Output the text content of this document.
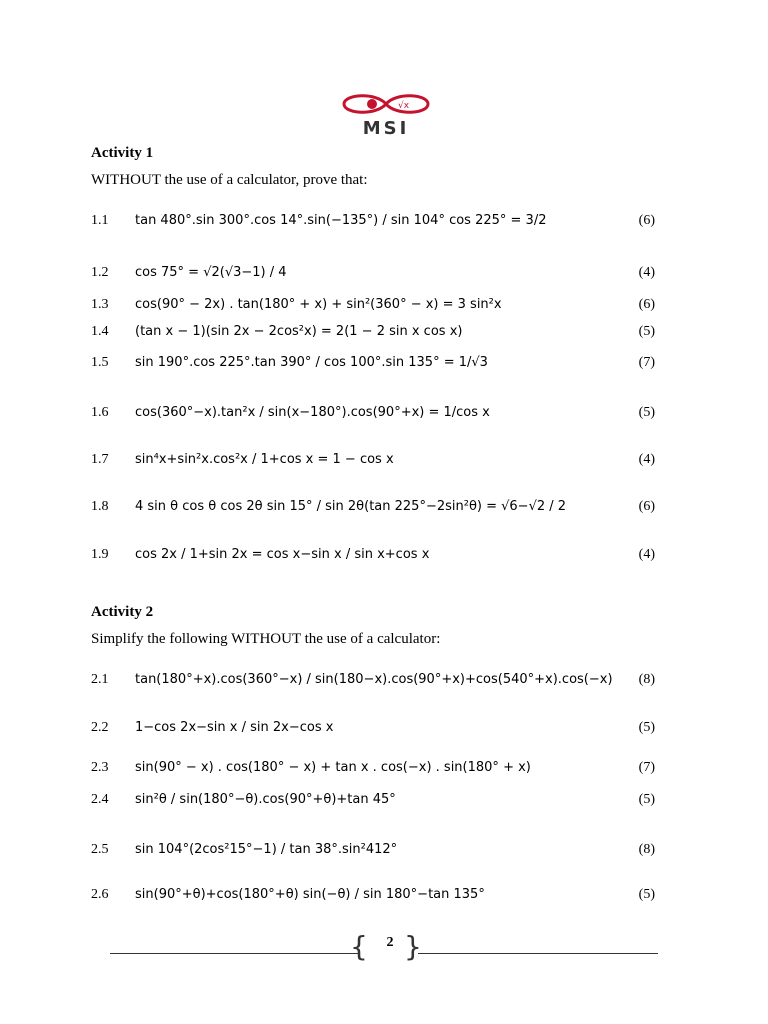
√x
MSI
Activity 1
WITHOUT the use of a calculator, prove that:
1.1 tan 480°.sin 300°.cos 14°.sin(−135°) / sin 104° cos 225° = 3/2	(6)
1.2 cos 75° = √2(√3−1) / 4	(4)
1.3 cos(90° − 2x) . tan(180° + x) + sin²(360° − x) = 3 sin²x	(6)
1.4 (tan x − 1)(sin 2x − 2cos²x) = 2(1 − 2 sin x cos x)	(5)
1.5 sin 190°.cos 225°.tan 390° / cos 100°.sin 135° = 1/√3	(7)
1.6 cos(360°−x).tan²x / sin(x−180°).cos(90°+x) = 1/cos x	(5)
1.7 sin⁴x+sin²x.cos²x / 1+cos x = 1 − cos x	(4)
1.8 4 sin θ cos θ cos 2θ sin 15° / sin 2θ(tan 225°−2sin²θ) = √6−√2 / 2	(6)
1.9 cos 2x / 1+sin 2x = cos x−sin x / sin x+cos x	(4)
Activity 2
Simplify the following WITHOUT the use of a calculator:
2.1 tan(180°+x).cos(360°−x) / sin(180−x).cos(90°+x)+cos(540°+x).cos(−x) (8)
2.2 1−cos 2x−sin x / sin 2x−cos x	(5)
2.3 sin(90° − x) . cos(180° − x) + tan x . cos(−x) . sin(180° + x)	(7)
2.4 sin²θ / sin(180°−θ).cos(90°+θ)+tan 45°	(5)
2.5 sin 104°(2cos²15°−1) / tan 38°.sin²412°	(8)
2.6 sin(90°+θ)+cos(180°+θ) sin(−θ) / sin 180°−tan 135°	(5)
{ }
2
